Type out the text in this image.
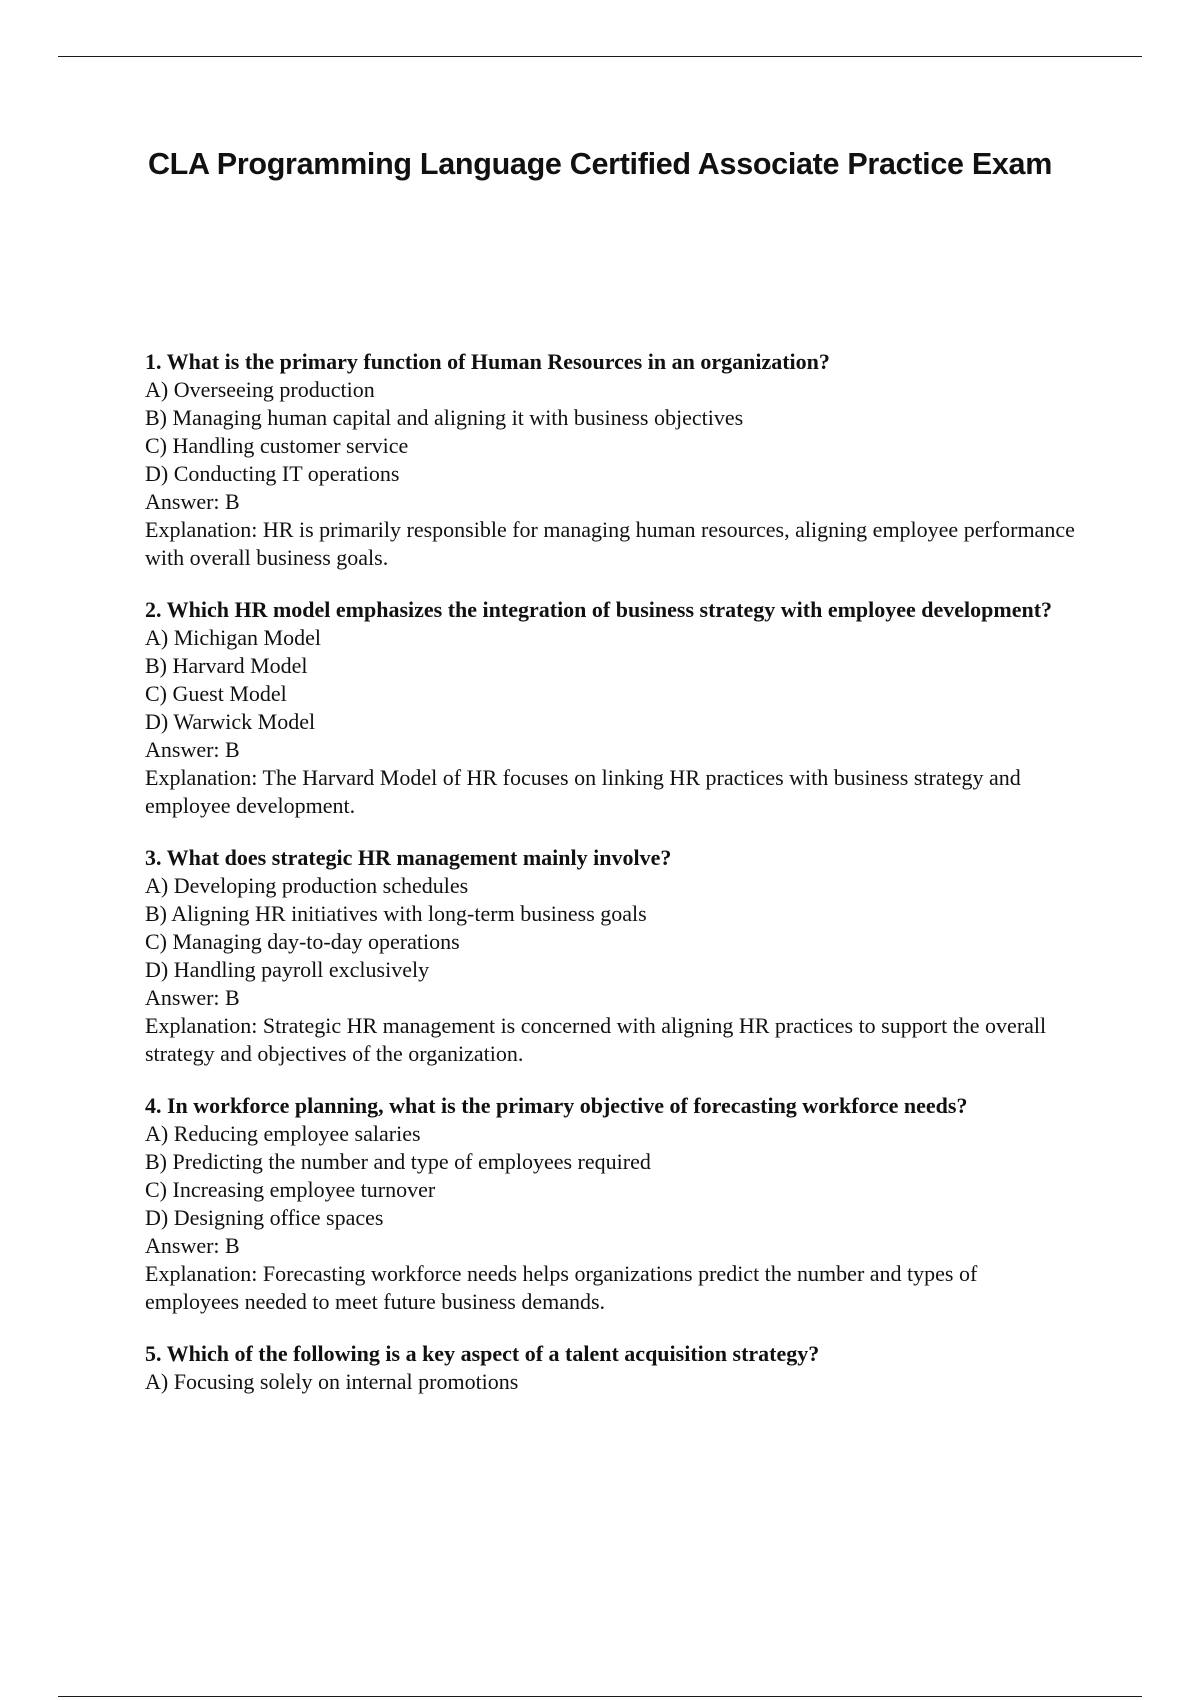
CLA Programming Language Certified Associate Practice Exam
1. What is the primary function of Human Resources in an organization?
A) Overseeing production
B) Managing human capital and aligning it with business objectives
C) Handling customer service
D) Conducting IT operations
Answer: B
Explanation: HR is primarily responsible for managing human resources, aligning employee performance with overall business goals.
2. Which HR model emphasizes the integration of business strategy with employee development?
A) Michigan Model
B) Harvard Model
C) Guest Model
D) Warwick Model
Answer: B
Explanation: The Harvard Model of HR focuses on linking HR practices with business strategy and employee development.
3. What does strategic HR management mainly involve?
A) Developing production schedules
B) Aligning HR initiatives with long-term business goals
C) Managing day-to-day operations
D) Handling payroll exclusively
Answer: B
Explanation: Strategic HR management is concerned with aligning HR practices to support the overall strategy and objectives of the organization.
4. In workforce planning, what is the primary objective of forecasting workforce needs?
A) Reducing employee salaries
B) Predicting the number and type of employees required
C) Increasing employee turnover
D) Designing office spaces
Answer: B
Explanation: Forecasting workforce needs helps organizations predict the number and types of employees needed to meet future business demands.
5. Which of the following is a key aspect of a talent acquisition strategy?
A) Focusing solely on internal promotions
